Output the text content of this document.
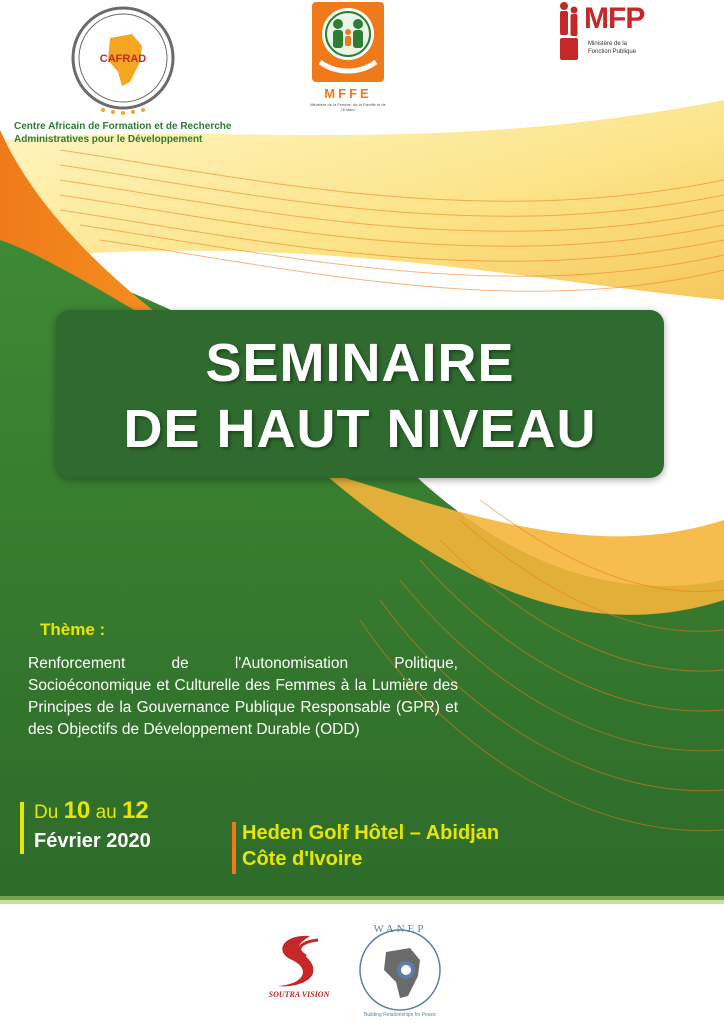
CAFRAD
Centre Africain de Formation et de Recherche
Administratives pour le Développement
MFFE
Ministère de la Femme, de la Famille et de l'Enfant
MFP
Ministère de la
Fonction Publique
SEMINAIRE
DE HAUT NIVEAU
Thème :
Renforcement de l'Autonomisation Politique, Socioéconomique et Culturelle des Femmes à la Lumière des Principes de la Gouvernance Publique Responsable (GPR) et des Objectifs de Développement Durable (ODD)
Du 10 au 12
Février 2020	Heden Golf Hôtel – Abidjan
Côte d'Ivoire
SOUTRA VISION
WANEP
Building Relationships for Peace
